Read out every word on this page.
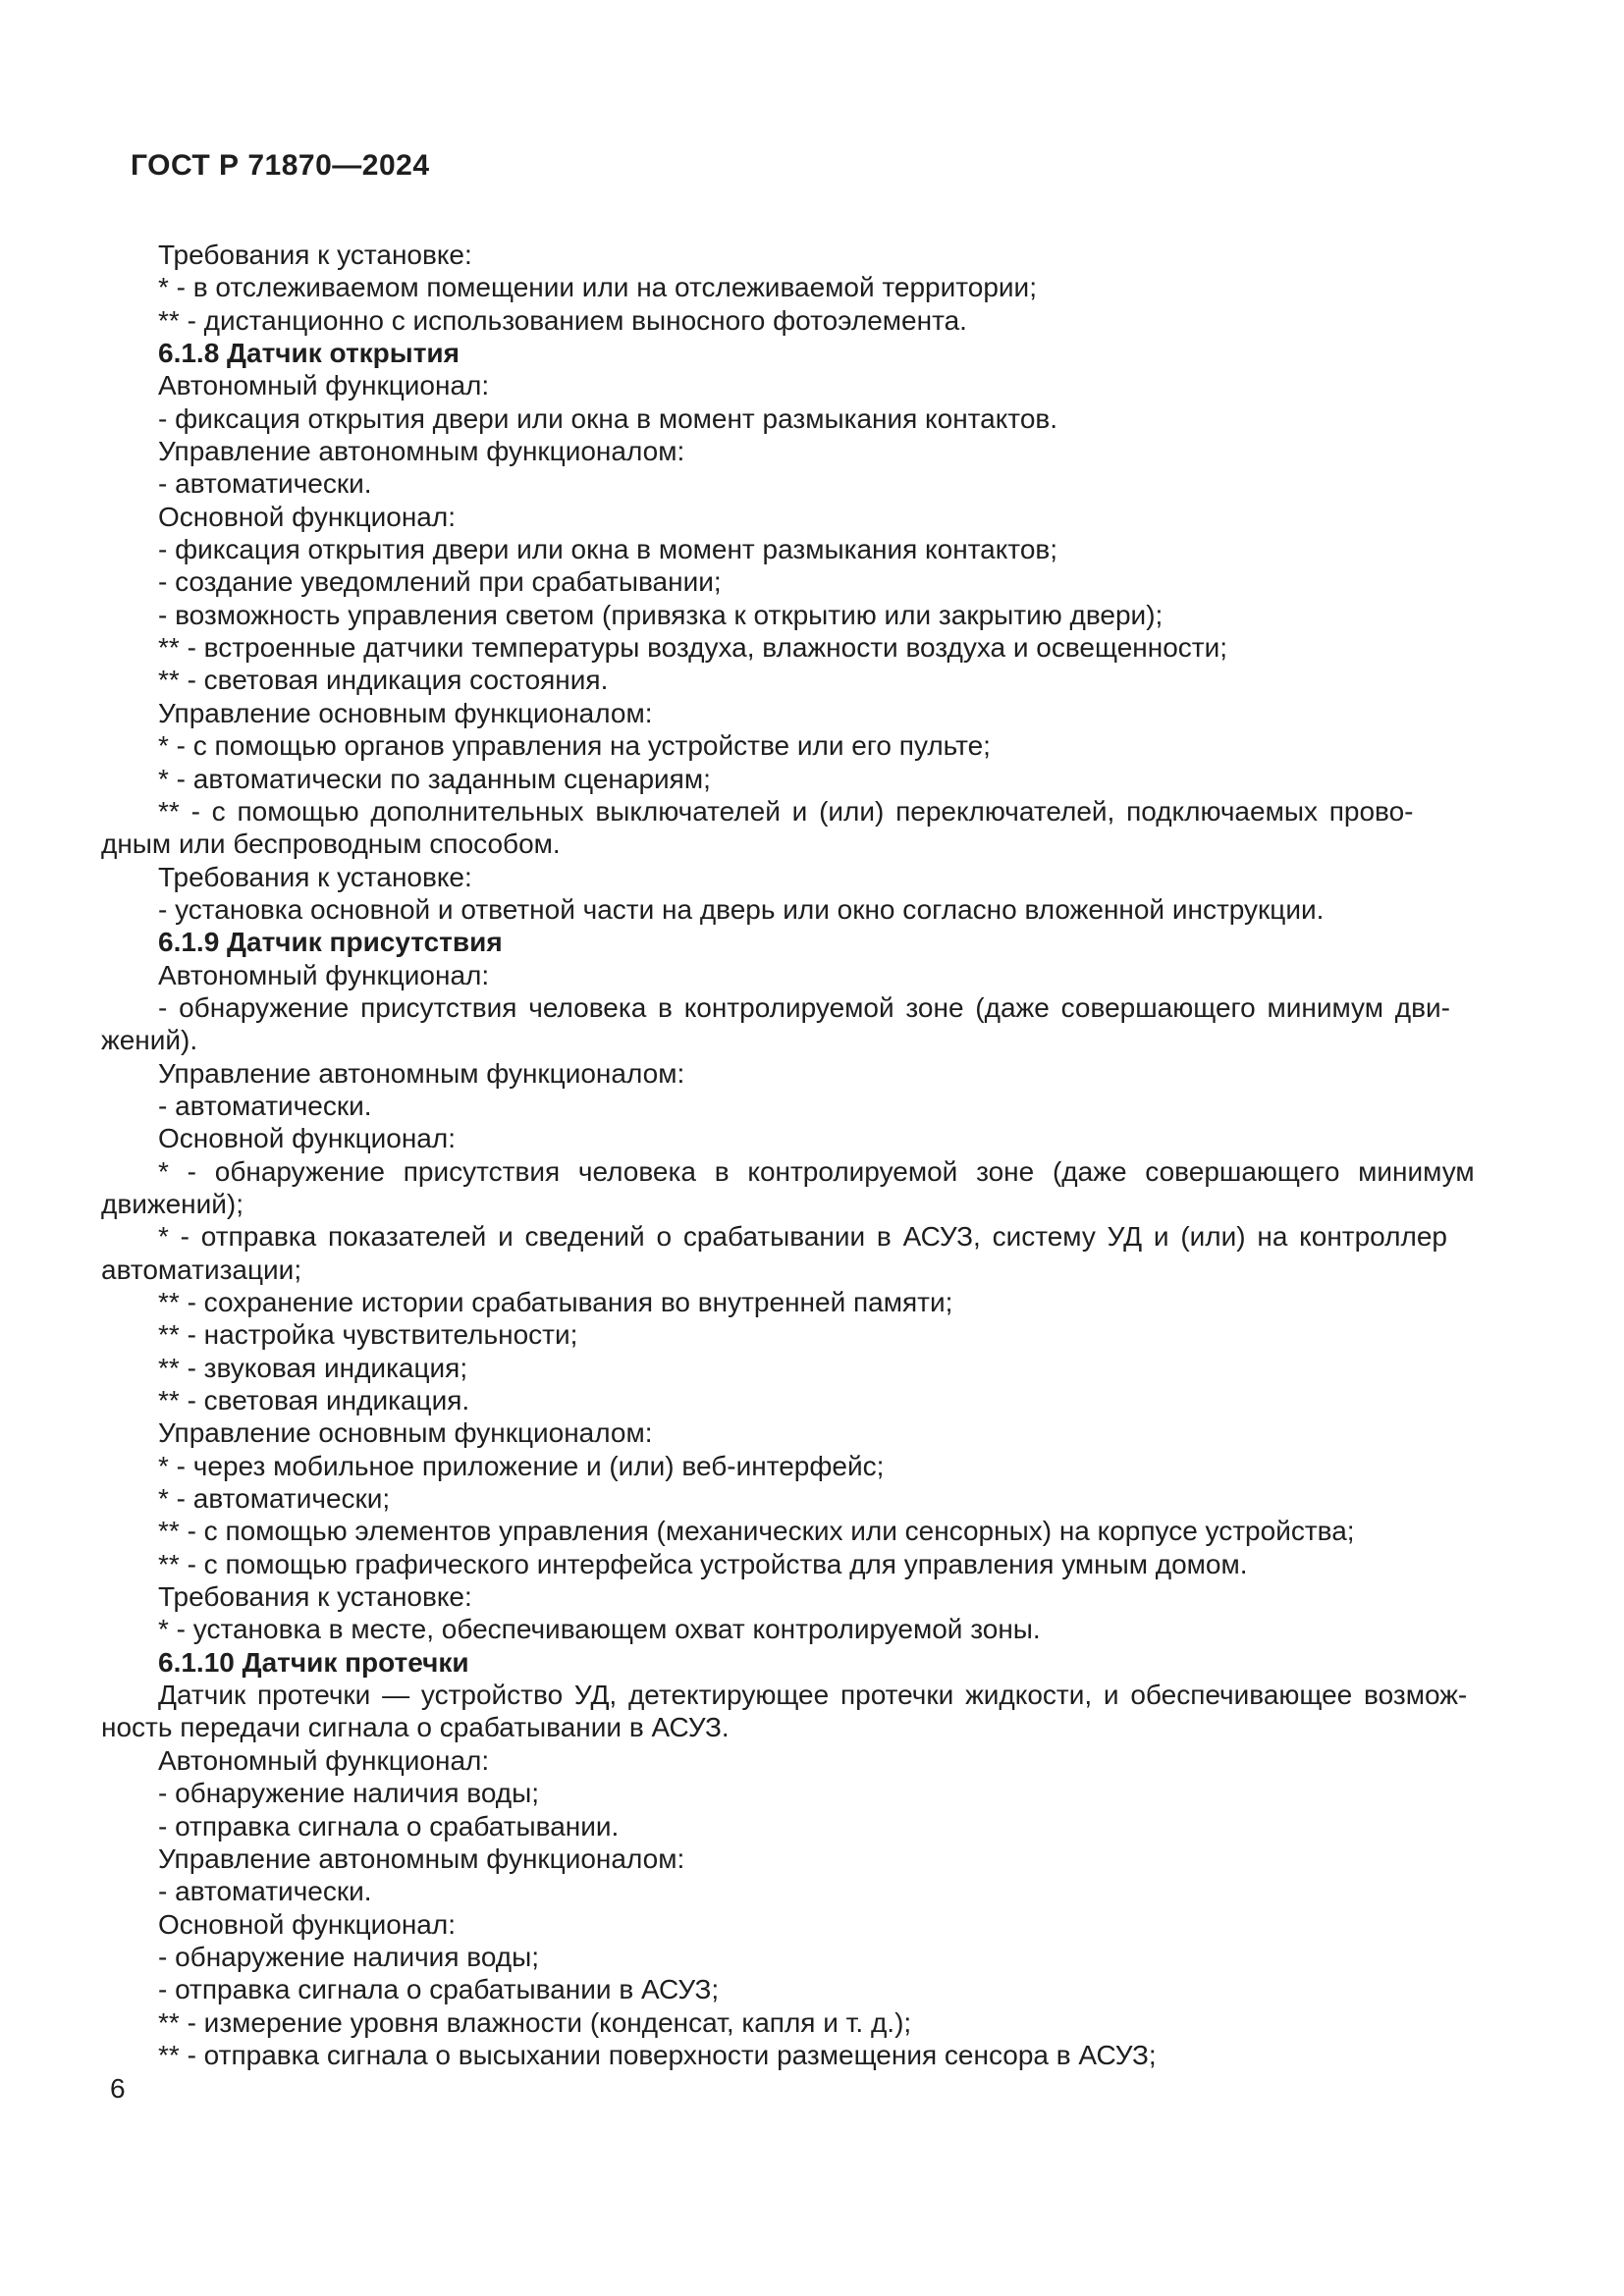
ГОСТ Р 71870—2024
Требования к установке:
* - в отслеживаемом помещении или на отслеживаемой территории;
** - дистанционно с использованием выносного фотоэлемента.
6.1.8 Датчик открытия
Автономный функционал:
- фиксация открытия двери или окна в момент размыкания контактов.
Управление автономным функционалом:
- автоматически.
Основной функционал:
- фиксация открытия двери или окна в момент размыкания контактов;
- создание уведомлений при срабатывании;
- возможность управления светом (привязка к открытию или закрытию двери);
** - встроенные датчики температуры воздуха, влажности воздуха и освещенности;
** - световая индикация состояния.
Управление основным функционалом:
* - с помощью органов управления на устройстве или его пульте;
* - автоматически по заданным сценариям;
** - с помощью дополнительных выключателей и (или) переключателей, подключаемых прово-
дным или беспроводным способом.
Требования к установке:
- установка основной и ответной части на дверь или окно согласно вложенной инструкции.
6.1.9 Датчик присутствия
Автономный функционал:
- обнаружение присутствия человека в контролируемой зоне (даже совершающего минимум дви-
жений).
Управление автономным функционалом:
- автоматически.
Основной функционал:
* - обнаружение присутствия человека в контролируемой зоне (даже совершающего минимум
движений);
* - отправка показателей и сведений о срабатывании в АСУЗ, систему УД и (или) на контроллер
автоматизации;
** - сохранение истории срабатывания во внутренней памяти;
** - настройка чувствительности;
** - звуковая индикация;
** - световая индикация.
Управление основным функционалом:
* - через мобильное приложение и (или) веб-интерфейс;
* - автоматически;
** - с помощью элементов управления (механических или сенсорных) на корпусе устройства;
** - с помощью графического интерфейса устройства для управления умным домом.
Требования к установке:
* - установка в месте, обеспечивающем охват контролируемой зоны.
6.1.10 Датчик протечки
Датчик протечки — устройство УД, детектирующее протечки жидкости, и обеспечивающее возмож-
ность передачи сигнала о срабатывании в АСУЗ.
Автономный функционал:
- обнаружение наличия воды;
- отправка сигнала о срабатывании.
Управление автономным функционалом:
- автоматически.
Основной функционал:
- обнаружение наличия воды;
- отправка сигнала о срабатывании в АСУЗ;
** - измерение уровня влажности (конденсат, капля и т. д.);
** - отправка сигнала о высыхании поверхности размещения сенсора в АСУЗ;
6
